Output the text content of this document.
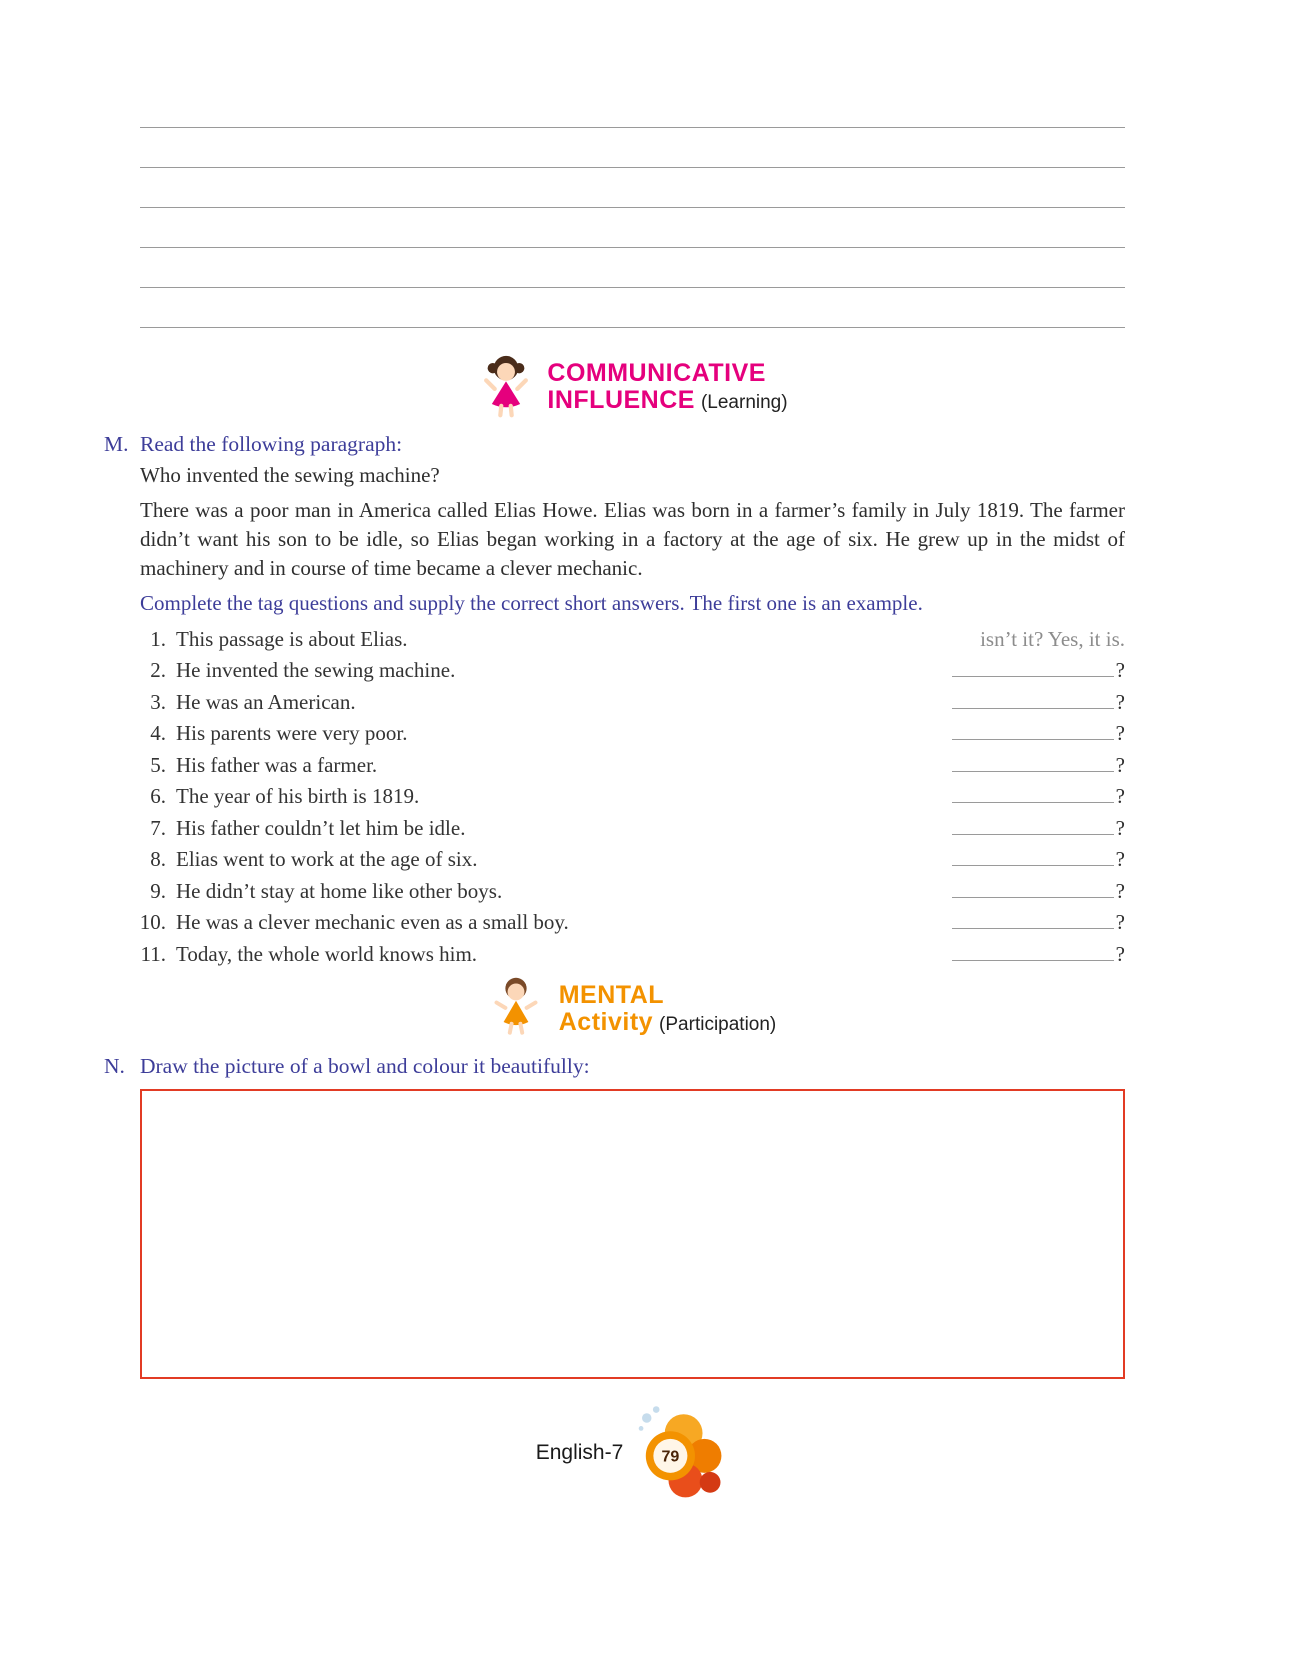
COMMUNICATIVE
INFLUENCE (Learning)
M. Read the following paragraph:
Who invented the sewing machine?
There was a poor man in America called Elias Howe. Elias was born in a farmer’s family in July 1819. The farmer didn’t want his son to be idle, so Elias began working in a factory at the age of six. He grew up in the midst of machinery and in course of time became a clever mechanic.
Complete the tag questions and supply the correct short answers. The first one is an example.
1. This passage is about Elias.	isn’t it? Yes, it is.
2. He invented the sewing machine.	?
3. He was an American.	?
4. His parents were very poor.	?
5. His father was a farmer.	?
6. The year of his birth is 1819.	?
7. His father couldn’t let him be idle.	?
8. Elias went to work at the age of six.	?
9. He didn’t stay at home like other boys.	?
10. He was a clever mechanic even as a small boy.	?
11. Today, the whole world knows him.	?
MENTAL
Activity (Participation)
N. Draw the picture of a bowl and colour it beautifully:
English-7 79
